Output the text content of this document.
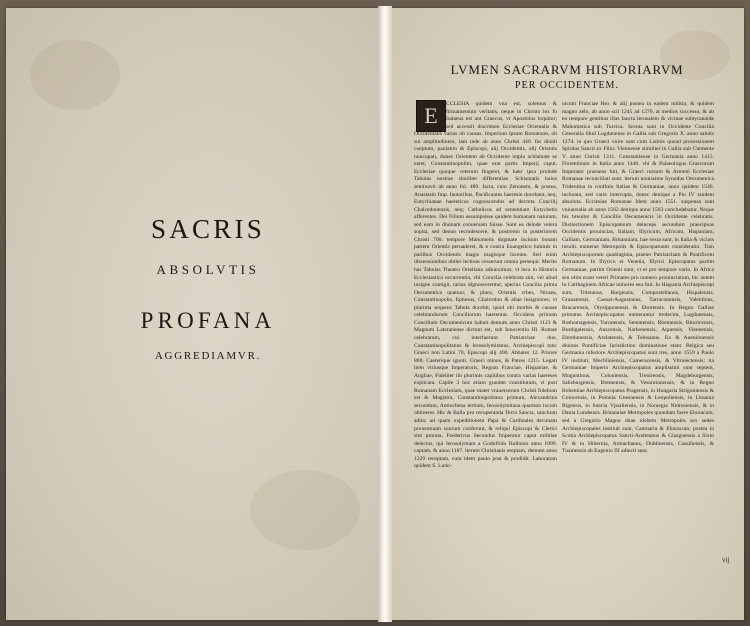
SACRIS
ABSOLVTIS
PROFANA
AGGREDIAMVR.
LVMEN SACRARVM HISTORIARVM
PER OCCIDENTEM.
E	CCLESIA quidem vna est, solemus & firmamentum veritatis, neque in Christo lex fu Iudaeus est aut Graecus, vt Apostolus loquitur; sed accessit discrimen Ecclesiae Orientalis & Occidentalis varias ob causas. Imperium ipsum Romanum, ob sui amplitudinem, iam inde ab anno Christi 440. fut diuidi coeptum, paulatim & Episcopi, alij Occidentis, alij Orientis nuncupati, donec Orientem ab Occidente impio schismate se earet, Constantinopolim, quae erat partis Imperij caput, Ecclesiae quoque veterum fingeret, & haec ipsa proinde Tabulas nostrae similitet differentiae. Schismatis huius seminavit ab anno fol. 480. facta, cum Zenonem, & postea, Anastasio Imp. fautoribus, Pacificantes haeresin docebant, neq; Eutychianae haereticos cognoscendos ad decreta Concilij Chalcedonensis, neq; Catholicos ad sententiam Eutychetis afferentes. Dei Filium assumpsisse quidem humanam naturam, sed eam in diuinam conuersam fuisse. Sunt ea deinde vetera sopita, sed denuo recrudescere, & postremo in posteriorem Christi 700. tempore Mahometis dogmate incitum bonam partem Orientis peruaderet, & e contra Euangelico luminis in partibus Occidentis magis magisque lucente. Sed enim dissensionibus obiter lectioni cesserunt omnia persequi. Merito has Tabulas Theatro Orteliano adiunximus, vt luca in Historia Ecclesiastica occurrentia, vbi Concilia celebrata sint, vel aliud insigne contigit, rarius dignoscerentur, aperius Concilia prima Oecumenica quatuor, & plura, Orientis vrbes, Nicaea, Constantinopolis, Ephesus, Chalcedon & aliae insigniores; vt plurima sequens Tabula docebit, quod ubi morbis & causae celebrandorum Conciliorum haerentur. Occidens primum Concilium Oecumenicum habuit demum anno Christi 1123 & Magnum Lateranense dictum est, sub Innocentio III. Romae celebratum, cui interfuerunt Patriarchae duo, Constantinopolitanus & Ierosolymitanus, Archiepiscopi tunc Graeci non Latini 70, Episcopi alij 400. Abbates 12. Priores 800. Caeterique ignoti. Graeci minus, & Patres 1215. Legati item vtriusque Imperatoris, Regum Franciae, Hispaniae, & Angliae, Fideliter ibi plurimis capitibus contra varias haereses explicata. Capite 3 hoc etiam grauiter constitutum, vt post Romanam Ecclesiam, quae mater vniuersorum Christi fidelium est & Magistra, Constantinopolitana primum, Alexandrina secundum, Antiochena tertium, Ierosolymitana quartum locum obtineret. Hic & Balla pro recuperanda Terra Sancta, sancitum adita; ad quam expeditionem Papa & Cardinales decimam prouentuum suorum conferunt, & reliqui Episcopi & Clerici sint prorata. Fredericus Secundus Imperator caput militiae delectus, qui Ierosolymam a Godofrido Bullonio anno 1099. captam, & anno 1187. iterum Christianis ereptam, demum anno 1229 receptam, cum idem paulo post & prodidit. Laboratum quidem S. Ludo-
uicum Franciae Rex & alij postea in eadem militia, & quidem magno zelo, ab anno scil 1245 ad 1270. at medios successu, & ab eo tempore gentibus illas fancta Ierusalem & vicinae subtyrannide Mahometica sub Turcica. Secuta sunt in Occidente Concilia Generalia illud Lugdunense in Gallia sub Gregorio X. anno salutis 1274. in quo Graeci vnire sunt cum Latinis quoad processionem Spiritus Sancti ex Filio; Viennense similiter in Gallia sub Clemente V. anno Christi 1311. Constantiense in Germania anno 1415. Florentinum in Italia anno 1440. vbi & Palaeologus Graecorum Imperator praesens fuit, & Graeci rursum & Armeni Ecclesiae Romanae reconciliati sunt: iterum nouissime Synodus Oecumenica Tridentina in confinio Italiae & Germaniae, anno quidem 1546. inchoata, sed varie interrupta, donec denique a Pio IV tandem absoluta. Ecclesiae Romanae Idem anno 1551. suspensa sunt vniuersalia ab anno 1562 denique anno 1563 concludebatur. Neque his breuiter & Conciliis Oecumenicis in Occidente celebratis. Distinctionem Episcopatuum deinceps secundum praecipuas Occidentis prouincias, Italiam, Illyricum, Africam, Hispaniam, Galliam, Germaniam, Britanniam, hae sexta sunt, in Italia & vicinis insulis numerae Metropolis & Episcopatuum consideratio. Tum Archiepiscoporum quadraginta, praeter Patriarcham & Pontificem Romanum. In Illyrico et Venetia, Illyrici Episcopatus partim Germaniae, partim Orienti sunt, vt et pro tempore vario. In Africa seu olim erant veteri Primates pro numero prouinciarum, hic autem in Carthaginem Africae minores seu fuit. In Hispania Archiepiscopi sunt, Toletanus, Burgensis, Compostellanus, Hispalensis, Granatensis, Caesar-Augustanus, Tarraconensis, Valentinus, Bracarensis, Olysipponensis & Eborensis. In Regno Galliae primatus Archiepiscopatus numerantur tredecim, Lugdunensis, Rothomagensis, Turonensis, Senonensis, Rhemensis, Bituricensis, Burdigalensis, Auscensis, Narbonensis, Aquensis, Viennensis, Ebredunensis, Arelatensis, & Tolosanus. Ex & Auenionensis diuinos Pontificiae Iurisdiction dominatione stant. Belgica seu Germania inferiore Archiepiscopatus sunt tres, anno 1559 a Paulo IV instituti, Mechliniensis, Cameracensis, & Vltraiectensis; ita Germaniae Imperio Archiepiscopatus amplissimi sunt septem, Moguntinus, Coloniensis, Treuirensis, Magdeburgensis, Salisburgensis, Bremensis, & Vesontionensis, & in Regno Bohemiae Archiepiscopatus Pragensis, in Hungaria Strigoniensis & Colocensis, in Polonia Gnesnensis & Leopoliensis, in Lituania Rigensis, in Suecia Vpsaliensis, in Noruegia Nidrosiensis, & in Dania Lundensis. Britanniae Metropoles quondam fuere Eboracum, sed a Gregorio Magno duae idebem Metropoles sex sedes Archiepiscopales instituit sunt, Cantuaria & Eboracum, postea in Scotia Archiepiscopatus Sancti-Andreanus & Glasguensis a Sixto IV & in Hibernia, Armachanus, Dublinensis, Cassiliensis, & Tuamensis ab Eugenio III adiecti sunt.
vij
